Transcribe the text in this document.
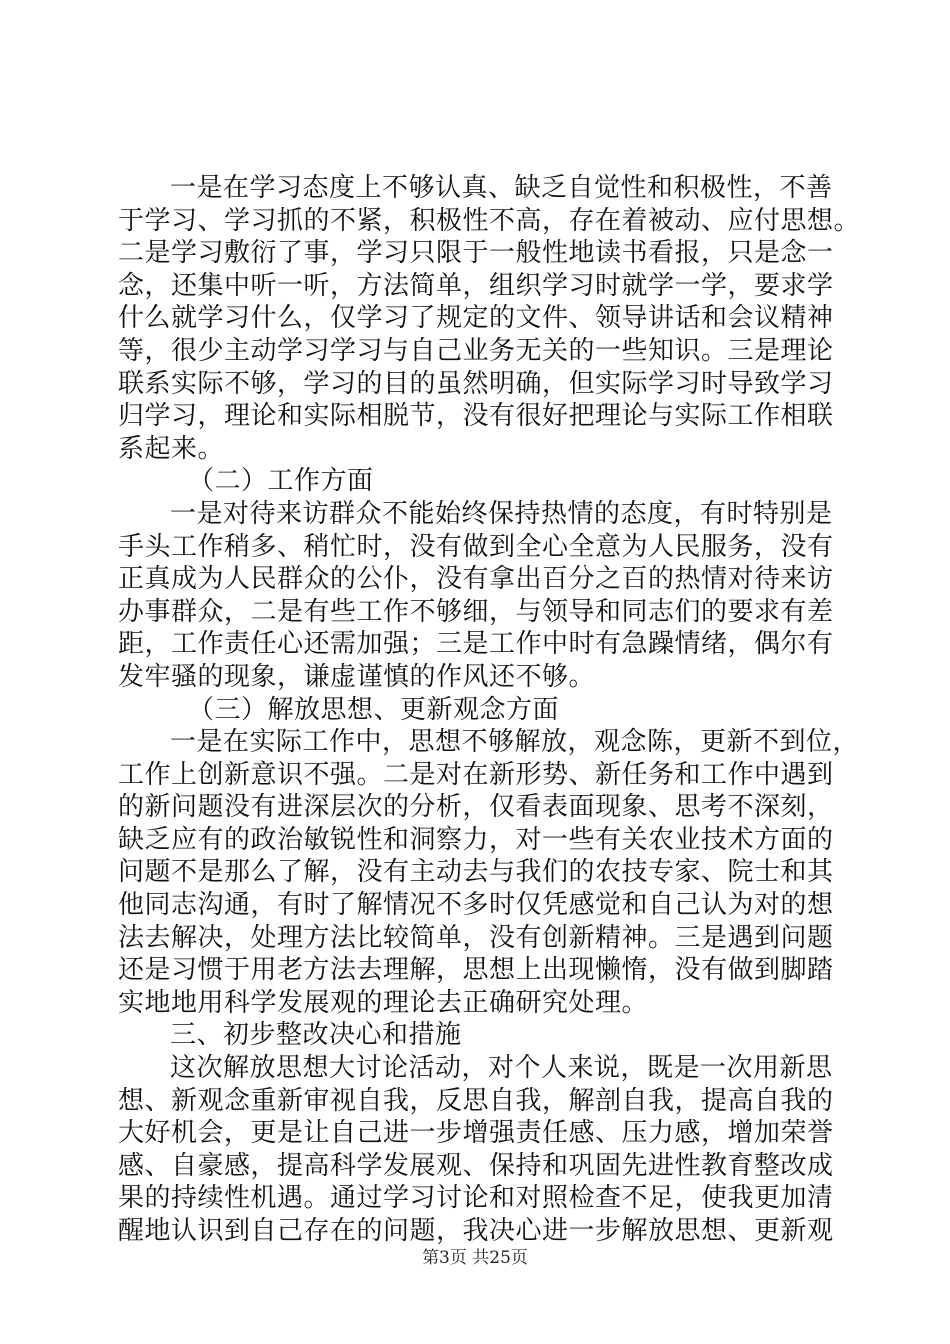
一是在学习态度上不够认真、缺乏自觉性和积极性，不善
于学习、学习抓的不紧，积极性不高，存在着被动、应付思想。
二是学习敷衍了事，学习只限于一般性地读书看报，只是念一
念，还集中听一听，方法简单，组织学习时就学一学，要求学
什么就学习什么，仅学习了规定的文件、领导讲话和会议精神
等，很少主动学习学习与自己业务无关的一些知识。三是理论
联系实际不够，学习的目的虽然明确，但实际学习时导致学习
归学习，理论和实际相脱节，没有很好把理论与实际工作相联
系起来。
（二）工作方面
一是对待来访群众不能始终保持热情的态度，有时特别是
手头工作稍多、稍忙时，没有做到全心全意为人民服务，没有
正真成为人民群众的公仆，没有拿出百分之百的热情对待来访
办事群众，二是有些工作不够细，与领导和同志们的要求有差
距，工作责任心还需加强；三是工作中时有急躁情绪，偶尔有
发牢骚的现象，谦虚谨慎的作风还不够。
（三）解放思想、更新观念方面
一是在实际工作中，思想不够解放，观念陈，更新不到位，
工作上创新意识不强。二是对在新形势、新任务和工作中遇到
的新问题没有进深层次的分析，仅看表面现象、思考不深刻，
缺乏应有的政治敏锐性和洞察力，对一些有关农业技术方面的
问题不是那么了解，没有主动去与我们的农技专家、院士和其
他同志沟通，有时了解情况不多时仅凭感觉和自己认为对的想
法去解决，处理方法比较简单，没有创新精神。三是遇到问题
还是习惯于用老方法去理解，思想上出现懒惰，没有做到脚踏
实地地用科学发展观的理论去正确研究处理。
三、初步整改决心和措施
这次解放思想大讨论活动，对个人来说，既是一次用新思
想、新观念重新审视自我，反思自我，解剖自我，提高自我的
大好机会，更是让自己进一步增强责任感、压力感，增加荣誉
感、自豪感，提高科学发展观、保持和巩固先进性教育整改成
果的持续性机遇。通过学习讨论和对照检查不足，使我更加清
醒地认识到自己存在的问题，我决心进一步解放思想、更新观
第3页 共25页
